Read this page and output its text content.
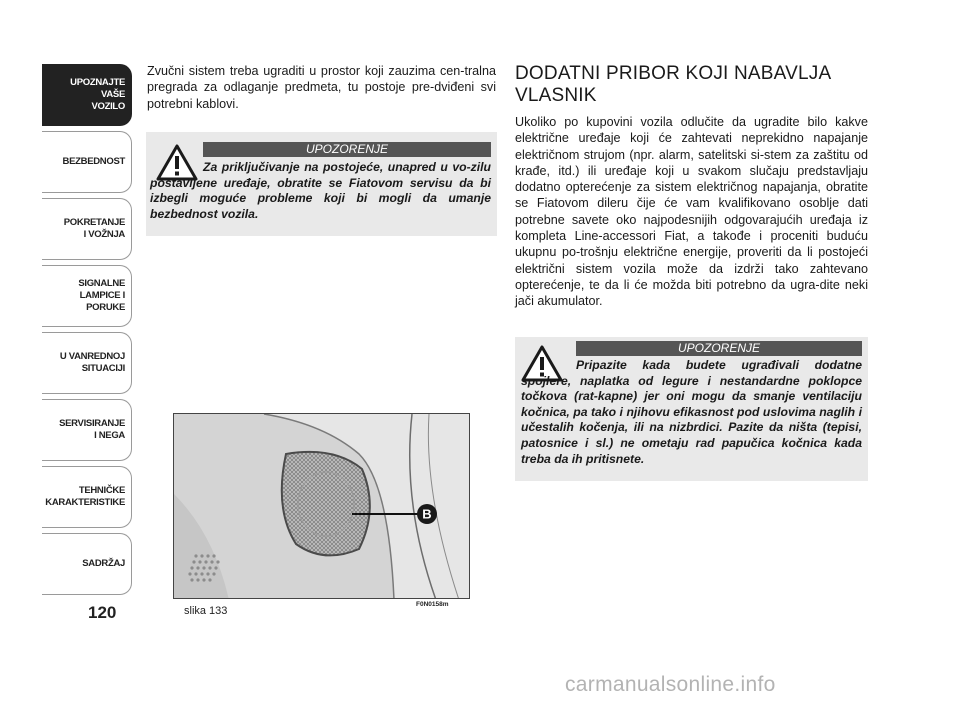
UPOZNAJTE
VAŠE
VOZILO
BEZBEDNOST
POKRETANJE
I VOŽNJA
SIGNALNE
LAMPICE I PORUKE
U VANREDNOJ
SITUACIJI
SERVISIRANJE
I NEGA
TEHNIČKE
KARAKTERISTIKE
SADRŽAJ
120

Zvučni sistem treba ugraditi u prostor koji zauzima cen-tralna pregrada za odlaganje predmeta, tu postoje pre-dviđeni svi potrebni kablovi.

UPOZORENJE

Za priključivanje na postojeće, unapred u vo-zilu postavljene uređaje, obratite se Fiatovom servisu da bi izbegli moguće probleme koji bi mogli da umanje bezbednost vozila.

B
slika 133
F0N0158m
DODATNI PRIBOR KOJI NABAVLJA VLASNIK

Ukoliko po kupovini vozila odlučite da ugradite bilo kakve električne uređaje koji će zahtevati neprekidno napajanje električnom strujom (npr. alarm, satelitski si-stem za zaštitu od krađe, itd.) ili uređaje koji u svakom slučaju predstavljaju dodatno opterećenje za sistem električnog napajanja, obratite se Fiatovom dileru čije će vam kvalifikovano osoblje dati potrebne savete oko najpodesnijih odgovarajućih uređaja iz kompleta Line-accessori Fiat, a takođe i proceniti buduću ukupnu po-trošnju električne energije, proveriti da li postojeći električni sistem vozila može da izdrži tako zahtevano opterećenje, te da li će možda biti potrebno da ugra-dite neki jači akumulator.

UPOZORENJE

Pripazite kada budete ugrađivali dodatne spojlere, naplatka od legure i nestandardne poklopce točkova (rat-kapne) jer oni mogu da smanje ventilaciju kočnica, pa tako i njihovu efikasnost pod uslovima naglih i učestalih kočenja, ili na nizbrdici. Pazite da ništa (tepisi, patosnice i sl.) ne ometaju rad papučica kočnica kada treba da ih pritisnete.

carmanualsonline.info
